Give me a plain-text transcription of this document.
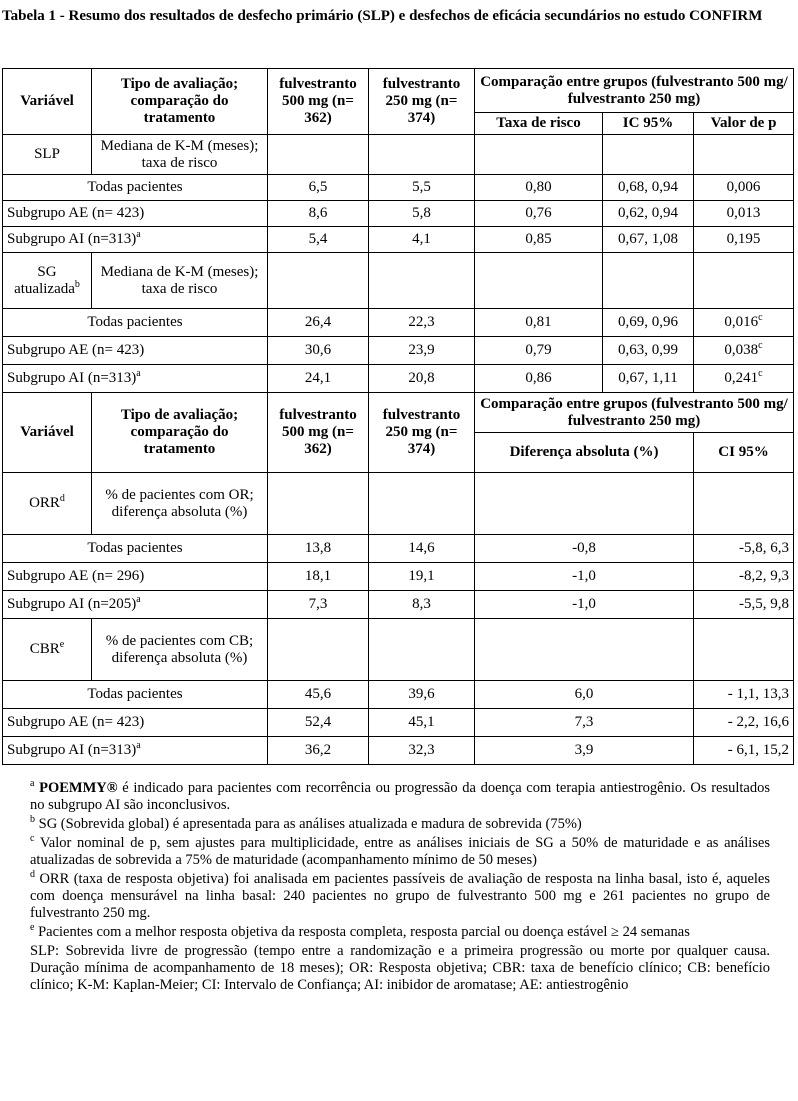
Tabela 1 - Resumo dos resultados de desfecho primário (SLP) e desfechos de eficácia secundários no estudo CONFIRM
Variável	Tipo de avaliação; comparação do tratamento	fulvestranto 500 mg (n= 362)	fulvestranto 250 mg (n= 374)	Comparação entre grupos (fulvestranto 500 mg/ fulvestranto 250 mg)		
				Taxa de risco	IC 95%	Valor de p
SLP	Mediana de K-M (meses); taxa de risco					
Todas pacientes		6,5	5,5	0,80	0,68, 0,94	0,006
Subgrupo AE (n= 423)		8,6	5,8	0,76	0,62, 0,94	0,013
Subgrupo AI (n=313)$^a$		5,4	4,1	0,85	0,67, 1,08	0,195
SG atualizada$^b$	Mediana de K-M (meses); taxa de risco					
Todas pacientes		26,4	22,3	0,81	0,69, 0,96	0,016$^c$
Subgrupo AE (n= 423)		30,6	23,9	0,79	0,63, 0,99	0,038$^c$
Subgrupo AI (n=313)$^a$		24,1	20,8	0,86	0,67, 1,11	0,241$^c$
Variável	Tipo de avaliação; comparação do tratamento	fulvestranto 500 mg (n= 362)	fulvestranto 250 mg (n= 374)	Comparação entre grupos (fulvestranto 500 mg/ fulvestranto 250 mg)		
				Diferença absoluta (%)		CI 95%
ORR$^d$	% de pacientes com OR; diferença absoluta (%)					
Todas pacientes		13,8	14,6	-0,8		-5,8, 6,3
Subgrupo AE (n= 296)		18,1	19,1	-1,0		-8,2, 9,3
Subgrupo AI (n=205)$^a$		7,3	8,3	-1,0		-5,5, 9,8
CBR$^e$	% de pacientes com CB; diferença absoluta (%)					
Todas pacientes		45,6	39,6	6,0		- 1,1, 13,3
Subgrupo AE (n= 423)		52,4	45,1	7,3		- 2,2, 16,6
Subgrupo AI (n=313)$^a$		36,2	32,3	3,9		- 6,1, 15,2

$^a$ POEMMY® é indicado para pacientes com recorrência ou progressão da doença com terapia antiestrogênio. Os resultados no subgrupo AI são inconclusivos.

$^b$ SG (Sobrevida global) é apresentada para as análises atualizada e madura de sobrevida (75%)

$^c$ Valor nominal de p, sem ajustes para multiplicidade, entre as análises iniciais de SG a 50% de maturidade e as análises atualizadas de sobrevida a 75% de maturidade (acompanhamento mínimo de 50 meses)

$^d$ ORR (taxa de resposta objetiva) foi analisada em pacientes passíveis de avaliação de resposta na linha basal, isto é, aqueles com doença mensurável na linha basal: 240 pacientes no grupo de fulvestranto 500 mg e 261 pacientes no grupo de fulvestranto 250 mg.

$^e$ Pacientes com a melhor resposta objetiva da resposta completa, resposta parcial ou doença estável ≥ 24 semanas

SLP: Sobrevida livre de progressão (tempo entre a randomização e a primeira progressão ou morte por qualquer causa. Duração mínima de acompanhamento de 18 meses); OR: Resposta objetiva; CBR: taxa de benefício clínico; CB: benefício clínico; K-M: Kaplan-Meier; CI: Intervalo de Confiança; AI: inibidor de aromatase; AE: antiestrogênio
